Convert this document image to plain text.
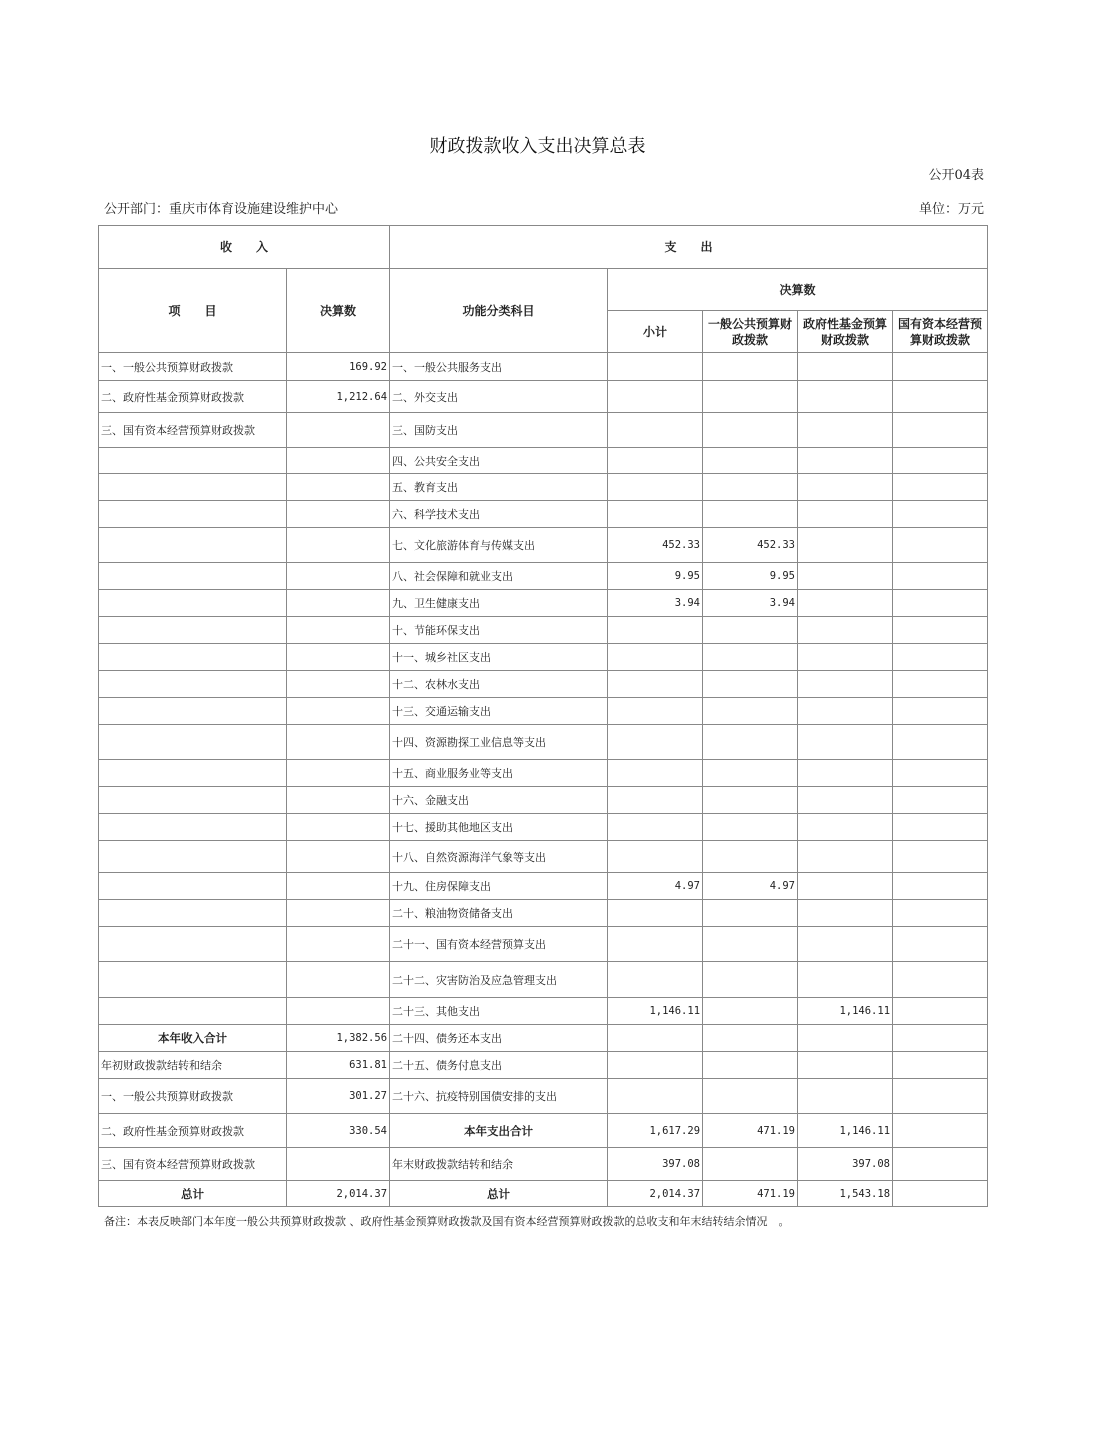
财政拨款收入支出决算总表
公开04表
公开部门：重庆市体育设施建设维护中心	单位：万元
收　　入		支　　出				
项　　目	决算数	功能分类科目	决算数			
			小计	一般公共预算财政拨款	政府性基金预算财政拨款	国有资本经营预算财政拨款
一、一般公共预算财政拨款	169.92	一、一般公共服务支出				
二、政府性基金预算财政拨款	1,212.64	二、外交支出				
三、国有资本经营预算财政拨款		三、国防支出				
		四、公共安全支出				
		五、教育支出				
		六、科学技术支出				
		七、文化旅游体育与传媒支出	452.33	452.33		
		八、社会保障和就业支出	9.95	9.95		
		九、卫生健康支出	3.94	3.94		
		十、节能环保支出				
		十一、城乡社区支出				
		十二、农林水支出				
		十三、交通运输支出				
		十四、资源勘探工业信息等支出				
		十五、商业服务业等支出				
		十六、金融支出				
		十七、援助其他地区支出				
		十八、自然资源海洋气象等支出				
		十九、住房保障支出	4.97	4.97		
		二十、粮油物资储备支出				
		二十一、国有资本经营预算支出				
		二十二、灾害防治及应急管理支出				
		二十三、其他支出	1,146.11		1,146.11	
本年收入合计	1,382.56	二十四、债务还本支出				
年初财政拨款结转和结余	631.81	二十五、债务付息支出				
一、一般公共预算财政拨款	301.27	二十六、抗疫特别国债安排的支出				
二、政府性基金预算财政拨款	330.54	本年支出合计	1,617.29	471.19	1,146.11	
三、国有资本经营预算财政拨款		年末财政拨款结转和结余	397.08		397.08	
总计	2,014.37	总计	2,014.37	471.19	1,543.18	
备注：本表反映部门本年度一般公共预算财政拨款 、政府性基金预算财政拨款及国有资本经营预算财政拨款的总收支和年末结转结余情况　。
